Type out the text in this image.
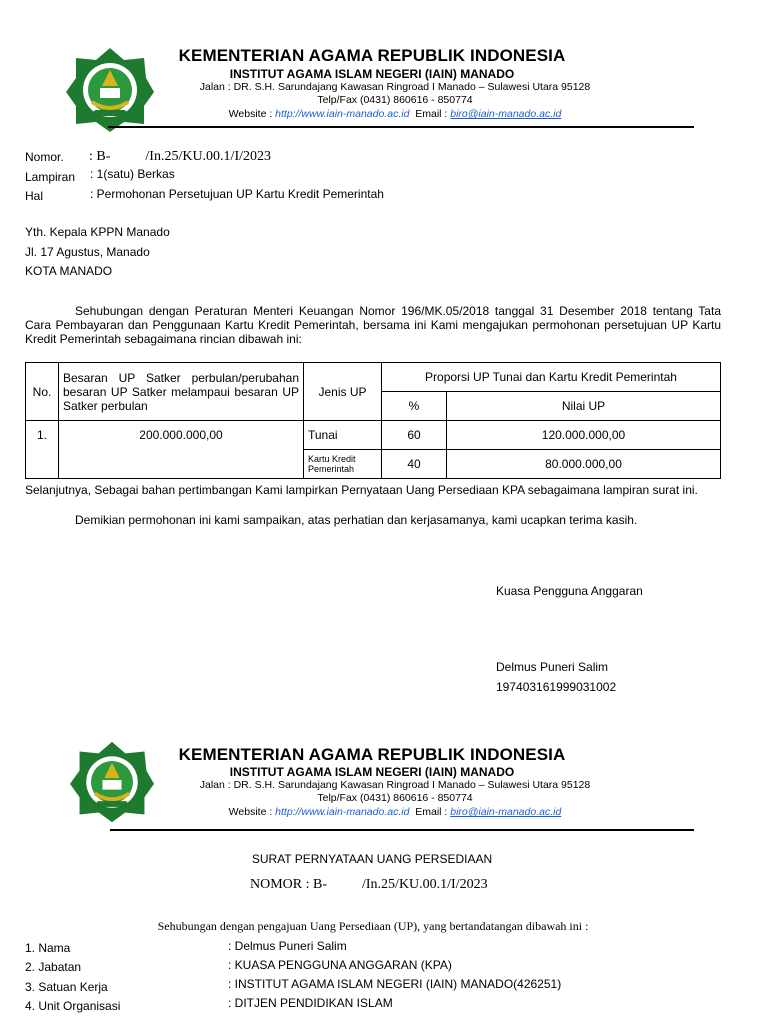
KEMENTERIAN AGAMA REPUBLIK INDONESIA
INSTITUT AGAMA ISLAM NEGERI (IAIN) MANADO
Jalan : DR. S.H. Sarundajang Kawasan Ringroad I Manado – Sulawesi Utara 95128
Telp/Fax (0431) 860616 - 850774
Website : http://www.iain-manado.ac.id  Email : biro@iain-manado.ac.id
Nomor. : B-          /In.25/KU.00.1/I/2023
Lampiran : 1(satu) Berkas
Hal	: Permohonan Persetujuan UP Kartu Kredit Pemerintah
Yth. Kepala KPPN Manado
Jl. 17 Agustus, Manado
KOTA MANADO
Sehubungan dengan Peraturan Menteri Keuangan Nomor 196/MK.05/2018 tanggal 31 Desember 2018 tentang Tata Cara Pembayaran dan Penggunaan Kartu Kredit Pemerintah, bersama ini Kami mengajukan permohonan persetujuan UP Kartu Kredit Pemerintah sebagaimana rincian dibawah ini:
No.	Besaran UP Satker perbulan/perubahan besaran UP Satker melampaui besaran UP Satker perbulan	Jenis UP	Proporsi UP Tunai dan Kartu Kredit Pemerintah	
			%	Nilai UP
1.	200.000.000,00	Tunai	60	120.000.000,00
		Kartu Kredit Pemerintah	40	80.000.000,00
Selanjutnya, Sebagai bahan pertimbangan Kami lampirkan Pernyataan Uang Persediaan KPA sebagaimana lampiran surat ini.
Demikian permohonan ini kami sampaikan, atas perhatian dan kerjasamanya, kami ucapkan terima kasih.
Kuasa Pengguna Anggaran
Delmus Puneri Salim
197403161999031002
KEMENTERIAN AGAMA REPUBLIK INDONESIA
INSTITUT AGAMA ISLAM NEGERI (IAIN) MANADO
Jalan : DR. S.H. Sarundajang Kawasan Ringroad I Manado – Sulawesi Utara 95128
Telp/Fax (0431) 860616 - 850774
Website : http://www.iain-manado.ac.id  Email : biro@iain-manado.ac.id
SURAT PERNYATAAN UANG PERSEDIAAN
NOMOR : B-          /In.25/KU.00.1/I/2023
Sehubungan dengan pengajuan Uang Persediaan (UP), yang bertandatangan dibawah ini :
1. Nama	: Delmus Puneri Salim
2. Jabatan	: KUASA PENGGUNA ANGGARAN (KPA)
3. Satuan Kerja	: INSTITUT AGAMA ISLAM NEGERI (IAIN) MANADO(426251)
4. Unit Organisasi	: DITJEN PENDIDIKAN ISLAM
